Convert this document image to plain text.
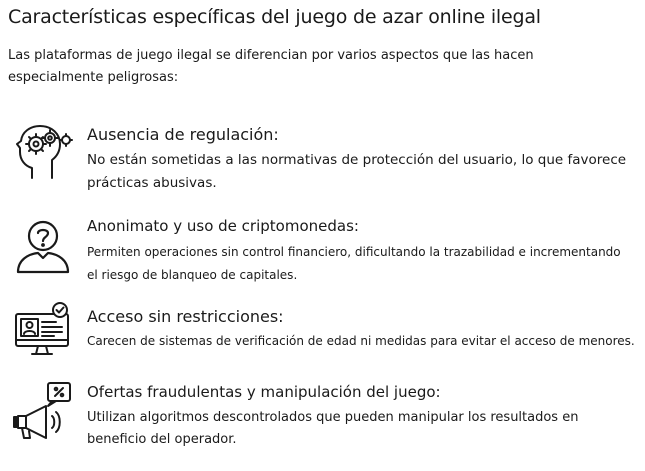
Características específicas del juego de azar online ilegal

Las plataformas de juego ilegal se diferencian por varios aspectos que las hacen especialmente peligrosas:

Ausencia de regulación:

No están sometidas a las normativas de protección del usuario, lo que favorece prácticas abusivas.

Anonimato y uso de criptomonedas:

Permiten operaciones sin control financiero, dificultando la trazabilidad e incrementando el riesgo de blanqueo de capitales.

Acceso sin restricciones:

Carecen de sistemas de verificación de edad ni medidas para evitar el acceso de menores.

Ofertas fraudulentas y manipulación del juego:

Utilizan algoritmos descontrolados que pueden manipular los resultados en beneficio del operador.
